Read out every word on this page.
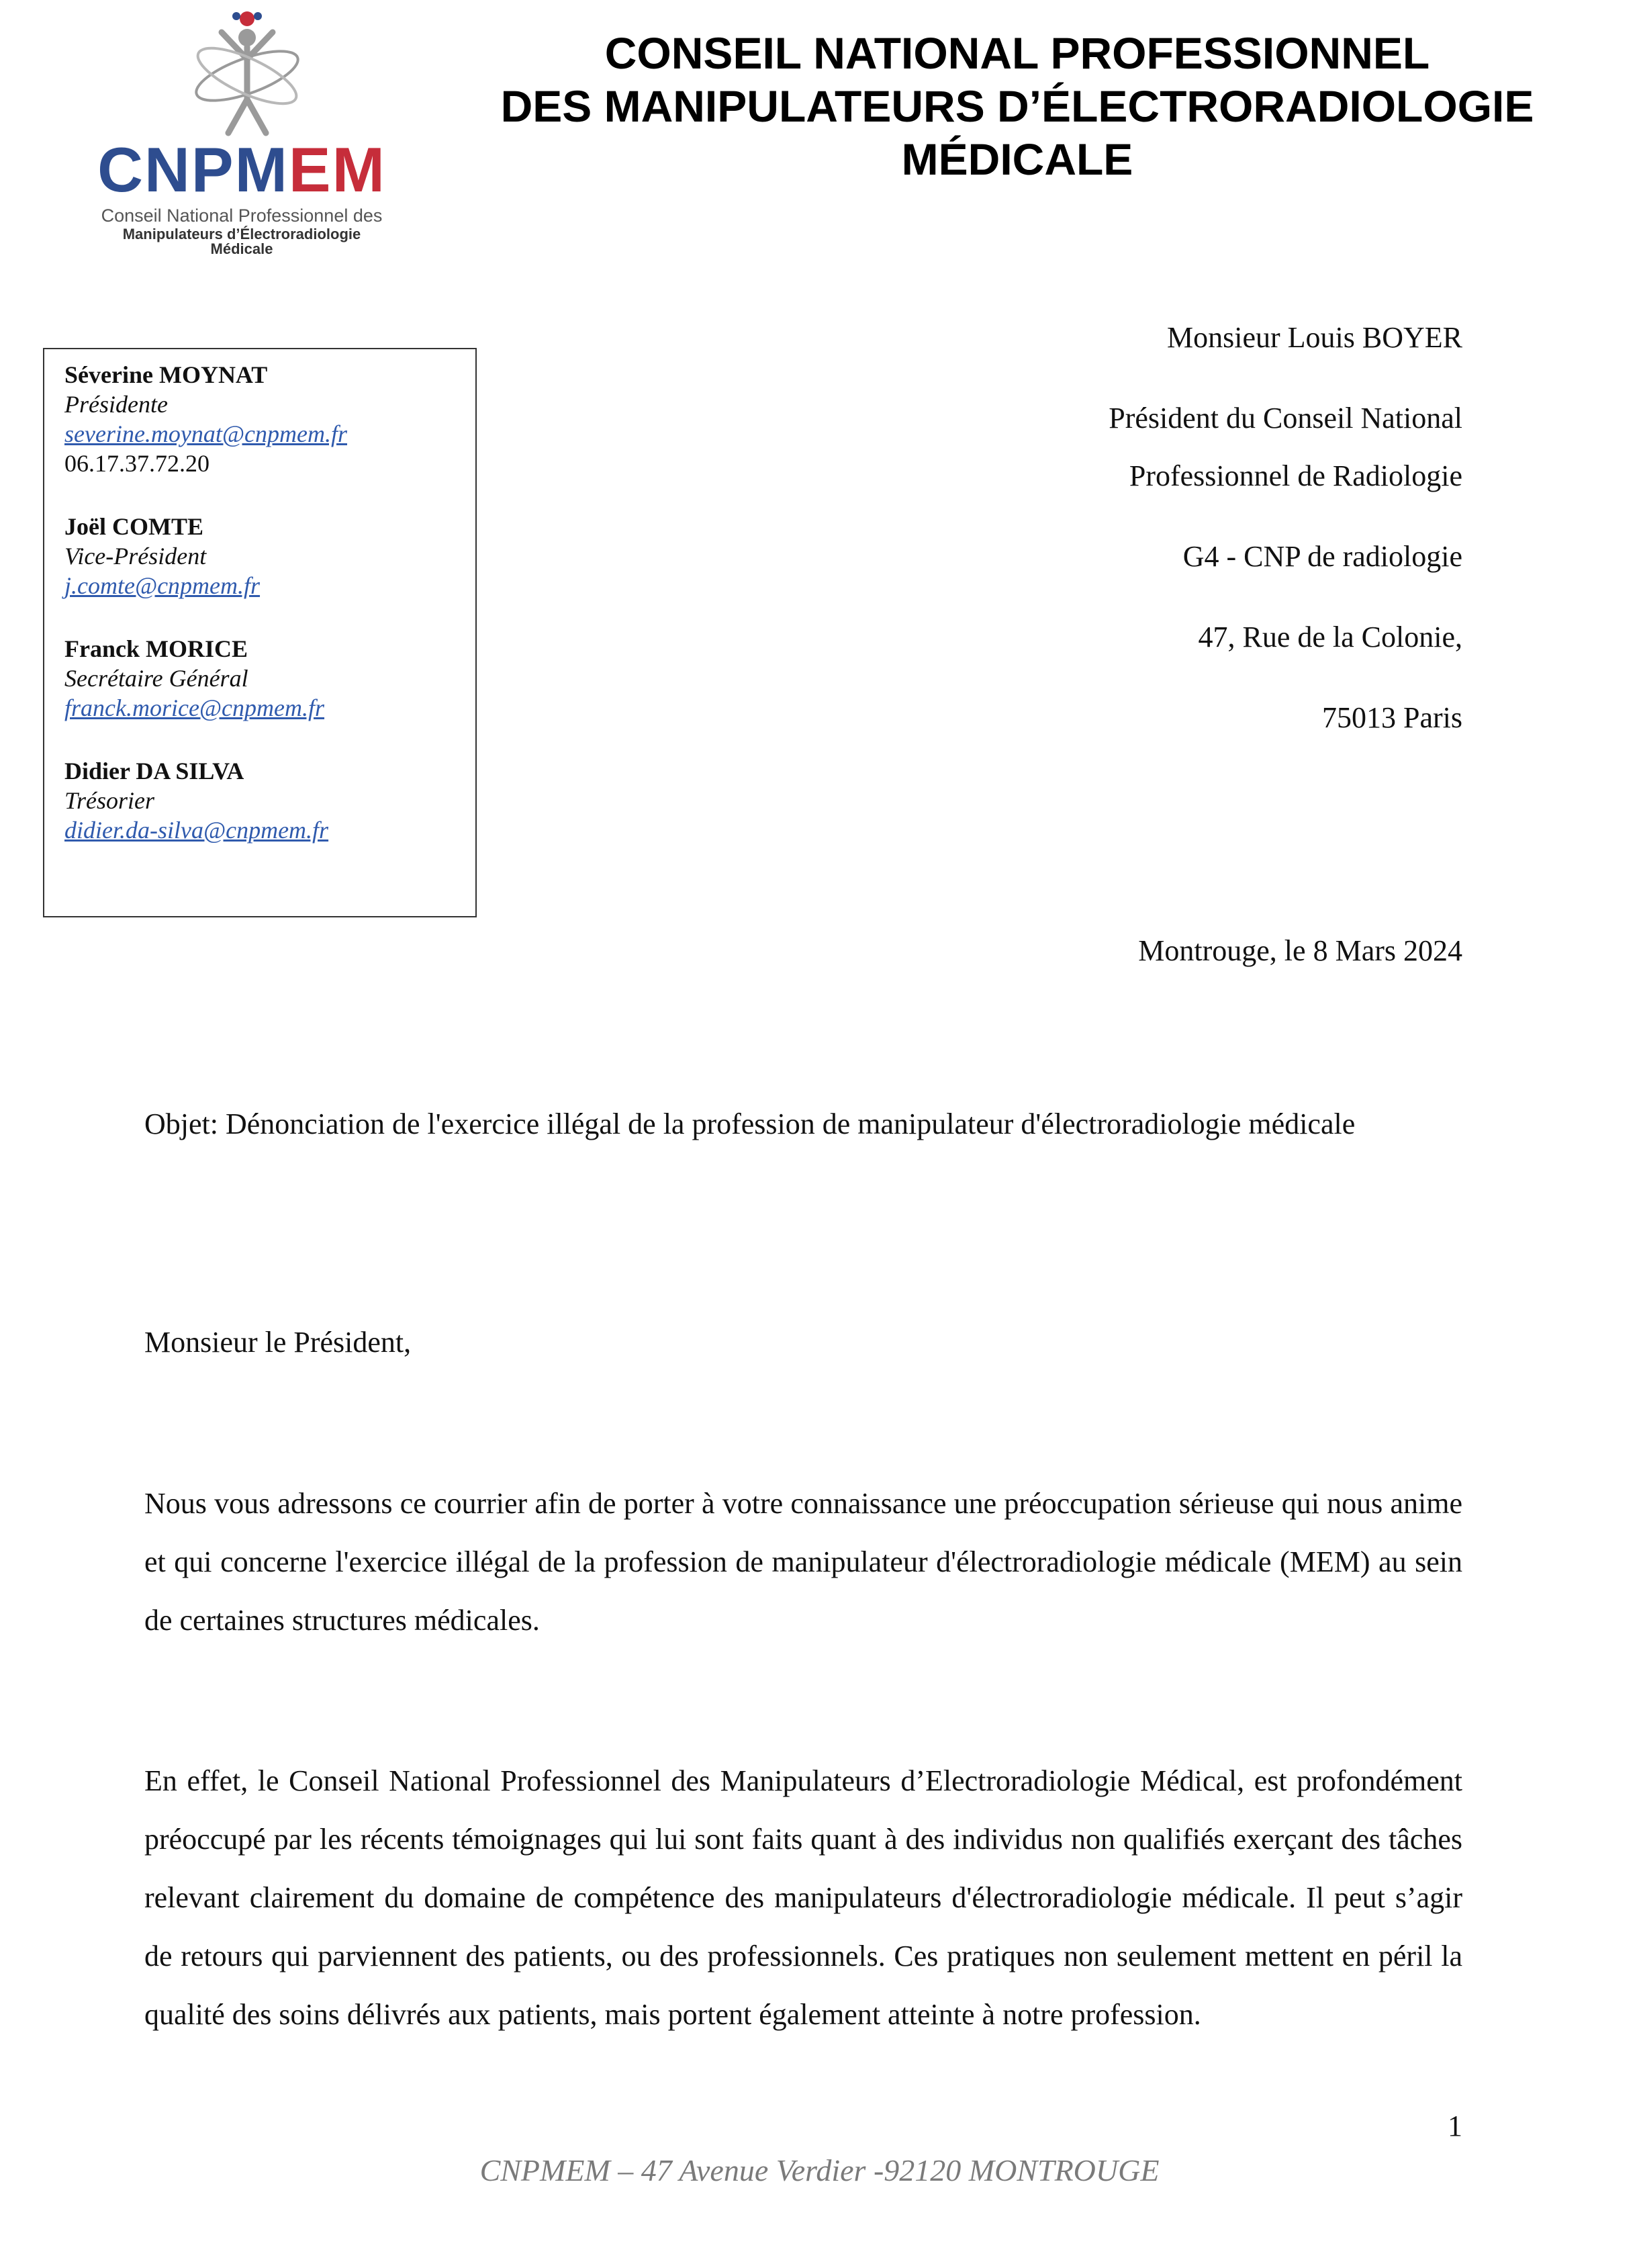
CNPMEM
Conseil National Professionnel des
Manipulateurs d’Électroradiologie Médicale
CONSEIL NATIONAL PROFESSIONNEL
DES MANIPULATEURS D’ÉLECTRORADIOLOGIE
MÉDICALE
Séverine MOYNAT
Présidente
severine.moynat@cnpmem.fr
06.17.37.72.20
Joël COMTE
Vice-Président
j.comte@cnpmem.fr
Franck MORICE
Secrétaire Général
franck.morice@cnpmem.fr
Didier DA SILVA
Trésorier
didier.da-silva@cnpmem.fr
Monsieur Louis BOYER
Président du Conseil National
Professionnel de Radiologie
G4 - CNP de radiologie
47, Rue de la Colonie,
75013 Paris
Montrouge, le 8 Mars 2024
Objet: Dénonciation de l'exercice illégal de la profession de manipulateur d'électroradiologie médicale
Monsieur le Président,
Nous vous adressons ce courrier afin de porter à votre connaissance une préoccupation sérieuse qui nous anime et qui concerne l'exercice illégal de la profession de manipulateur d'électroradiologie médicale (MEM) au sein de certaines structures médicales.
En effet, le Conseil National Professionnel des Manipulateurs d’Electroradiologie Médical, est profondément préoccupé par les récents témoignages qui lui sont faits quant à des individus non qualifiés exerçant des tâches relevant clairement du domaine de compétence des manipulateurs d'électroradiologie médicale. Il peut s’agir de retours qui parviennent des patients, ou des professionnels. Ces pratiques non seulement mettent en péril la qualité des soins délivrés aux patients, mais portent également atteinte à notre profession.
1
CNPMEM – 47 Avenue Verdier -92120 MONTROUGE
